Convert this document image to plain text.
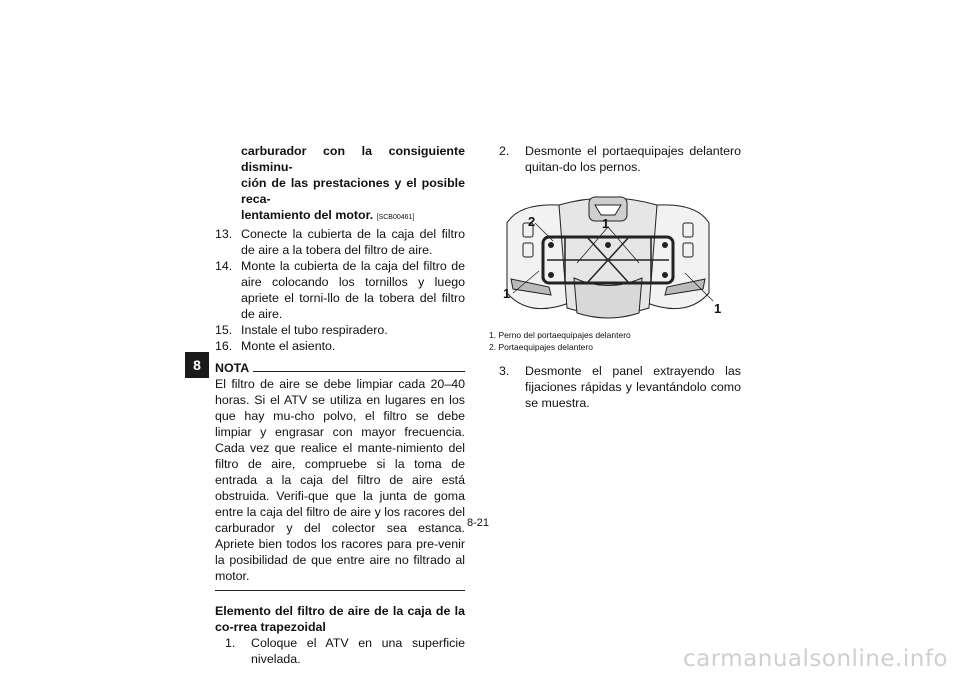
8
carburador con la consiguiente disminu-
ción de las prestaciones y el posible reca-
lentamiento del motor. [SCB00461]
13. Conecte la cubierta de la caja del filtro de aire a la tobera del filtro de aire.
14. Monte la cubierta de la caja del filtro de aire colocando los tornillos y luego apriete el torni-llo de la tobera del filtro de aire.
15. Instale el tubo respiradero.
16. Monte el asiento.
NOTA
El filtro de aire se debe limpiar cada 20–40 horas. Si el ATV se utiliza en lugares en los que hay mu-cho polvo, el filtro se debe limpiar y engrasar con mayor frecuencia. Cada vez que realice el mante-nimiento del filtro de aire, compruebe si la toma de entrada a la caja del filtro de aire está obstruida. Verifi-que que la junta de goma entre la caja del filtro de aire y los racores del carburador y del colector sea estanca. Apriete bien todos los racores para pre-venir la posibilidad de que entre aire no filtrado al motor.
Elemento del filtro de aire de la caja de la co-rrea trapezoidal
1.	Coloque el ATV en una superficie nivelada.
2.	Desmonte el portaequipajes delantero quitan-do los pernos.
2	1
1
1
1. Perno del portaequipajes delantero
2. Portaequipajes delantero
3.	Desmonte el panel extrayendo las fijaciones rápidas y levantándolo como se muestra.
8-21
carmanualsonline.info
